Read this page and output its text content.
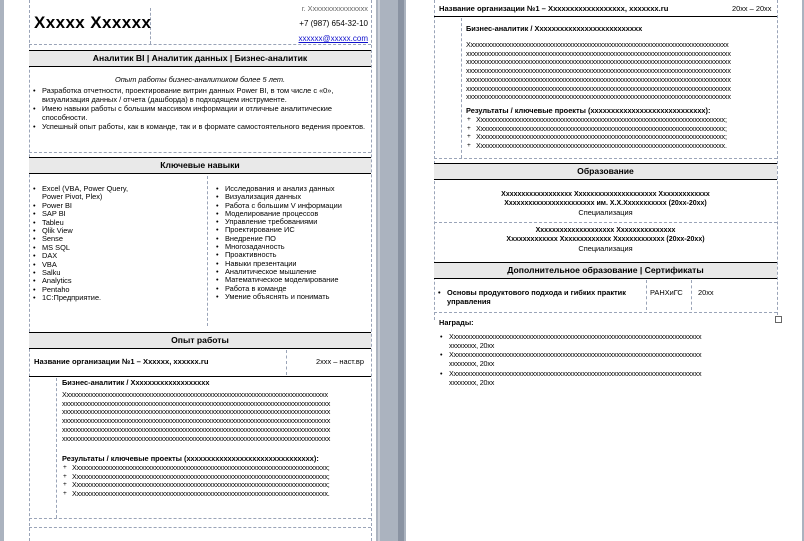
Xxxxx Xxxxxx
г. Xxxxxxxxxxxxxxxx
+7 (987) 654-32-10
xxxxxx@xxxxx.com
Аналитик BI | Аналитик данных | Бизнес-аналитик
Опыт работы бизнес-аналитиком более 5 лет.
• Разработка отчетности, проектирование витрин данных Power BI, в том числе с «0», визуализация данных / отчета (дашборда) в подходящем инструменте.
• Имею навыки работы с большим массивом информации и отличные аналитические способности.
• Успешный опыт работы, как в команде, так и в формате самостоятельного ведения проектов.
Ключевые навыки
• Excel (VBA, Power Query, Power Pivot, Plex)
• Power BI
• SAP BI
• Tableu
• Qlik View
• Sense
• MS SQL
• DAX
• VBA
• Salku
• Analytics
• Pentaho
• 1С:Предприятие.
• Исследования и анализ данных
• Визуализация данных
• Работа с большим V информации
• Моделирование процессов
• Управление требованиями
• Проектирование ИС
• Внедрение ПО
• Многозадачность
• Проактивность
• Навыки презентации
• Аналитическое мышление
• Математическое моделирование
• Работа в команде
• Умение объяснять и понимать
Опыт работы
Название организации №1 – Xxxxxx, xxxxxx.ru	2xxx – наст.вр
Бизнес-аналитик / Xxxxxxxxxxxxxxxxxxx
Xxxxxxxxxxxxxxxxxxxxxxxxxxxxxxxxxxxxxxxxxxxxxxxxxxxxxxxxxxxxxxxxxxxxxxxxxxxxxx
xxxxxxxxxxxxxxxxxxxxxxxxxxxxxxxxxxxxxxxxxxxxxxxxxxxxxxxxxxxxxxxxxxxxxxxxxxxxxxx
xxxxxxxxxxxxxxxxxxxxxxxxxxxxxxxxxxxxxxxxxxxxxxxxxxxxxxxxxxxxxxxxxxxxxxxxxxxxxxx
xxxxxxxxxxxxxxxxxxxxxxxxxxxxxxxxxxxxxxxxxxxxxxxxxxxxxxxxxxxxxxxxxxxxxxxxxxxxxxx
xxxxxxxxxxxxxxxxxxxxxxxxxxxxxxxxxxxxxxxxxxxxxxxxxxxxxxxxxxxxxxxxxxxxxxxxxxxxxxx
xxxxxxxxxxxxxxxxxxxxxxxxxxxxxxxxxxxxxxxxxxxxxxxxxxxxxxxxxxxxxxxxxxxxxxxxxxxxxxx
Результаты / ключевые проекты (xxxxxxxxxxxxxxxxxxxxxxxxxxxxxxx):
+ Xxxxxxxxxxxxxxxxxxxxxxxxxxxxxxxxxxxxxxxxxxxxxxxxxxxxxxxxxxxxxxxxxxxxxxxxxxx;
+ Xxxxxxxxxxxxxxxxxxxxxxxxxxxxxxxxxxxxxxxxxxxxxxxxxxxxxxxxxxxxxxxxxxxxxxxxxxx;
+ Xxxxxxxxxxxxxxxxxxxxxxxxxxxxxxxxxxxxxxxxxxxxxxxxxxxxxxxxxxxxxxxxxxxxxxxxxxx;
+ Xxxxxxxxxxxxxxxxxxxxxxxxxxxxxxxxxxxxxxxxxxxxxxxxxxxxxxxxxxxxxxxxxxxxxxxxxxx.
Название организации №1 – Xxxxxxxxxxxxxxxxxx, xxxxxxx.ru	20xx – 20xx
Бизнес-аналитик / Xxxxxxxxxxxxxxxxxxxxxxxxxx
Xxxxxxxxxxxxxxxxxxxxxxxxxxxxxxxxxxxxxxxxxxxxxxxxxxxxxxxxxxxxxxxxxxxxxxxxxxxxx
xxxxxxxxxxxxxxxxxxxxxxxxxxxxxxxxxxxxxxxxxxxxxxxxxxxxxxxxxxxxxxxxxxxxxxxxxxxxxx
xxxxxxxxxxxxxxxxxxxxxxxxxxxxxxxxxxxxxxxxxxxxxxxxxxxxxxxxxxxxxxxxxxxxxxxxxxxxxx
xxxxxxxxxxxxxxxxxxxxxxxxxxxxxxxxxxxxxxxxxxxxxxxxxxxxxxxxxxxxxxxxxxxxxxxxxxxxxx
xxxxxxxxxxxxxxxxxxxxxxxxxxxxxxxxxxxxxxxxxxxxxxxxxxxxxxxxxxxxxxxxxxxxxxxxxxxxxx
xxxxxxxxxxxxxxxxxxxxxxxxxxxxxxxxxxxxxxxxxxxxxxxxxxxxxxxxxxxxxxxxxxxxxxxxxxxxxx
xxxxxxxxxxxxxxxxxxxxxxxxxxxxxxxxxxxxxxxxxxxxxxxxxxxxxxxxxxxxxxxxxxxxxxxxxxxxxx
Результаты / ключевые проекты (xxxxxxxxxxxxxxxxxxxxxxxxxxxx):
+ Xxxxxxxxxxxxxxxxxxxxxxxxxxxxxxxxxxxxxxxxxxxxxxxxxxxxxxxxxxxxxxxxxxxxxxxxx;
+ Xxxxxxxxxxxxxxxxxxxxxxxxxxxxxxxxxxxxxxxxxxxxxxxxxxxxxxxxxxxxxxxxxxxxxxxxx;
+ Xxxxxxxxxxxxxxxxxxxxxxxxxxxxxxxxxxxxxxxxxxxxxxxxxxxxxxxxxxxxxxxxxxxxxxxxx;
+ Xxxxxxxxxxxxxxxxxxxxxxxxxxxxxxxxxxxxxxxxxxxxxxxxxxxxxxxxxxxxxxxxxxxxxxxxx.
Образование
Xxxxxxxxxxxxxxxxxx Xxxxxxxxxxxxxxxxxxxxx Xxxxxxxxxxxxx
Xxxxxxxxxxxxxxxxxxxxxxx им. X.X.Xxxxxxxxxxx (20xx-20xx)
Специализация
Xxxxxxxxxxxxxxxxxxxx Xxxxxxxxxxxxxxx
Xxxxxxxxxxxxx Xxxxxxxxxxxxx Xxxxxxxxxxxxx (20xx-20xx)
Специализация
Дополнительное образование | Сертификаты
• Основы продуктового подхода и гибких практик управления
РАНХиГС 20xx
Награды:
• Xxxxxxxxxxxxxxxxxxxxxxxxxxxxxxxxxxxxxxxxxxxxxxxxxxxxxxxxxxxxxxxxxxxxxxxxxx
xxxxxxxx, 20xx
• Xxxxxxxxxxxxxxxxxxxxxxxxxxxxxxxxxxxxxxxxxxxxxxxxxxxxxxxxxxxxxxxxxxxxxxxxxx
xxxxxxxx, 20xx
• Xxxxxxxxxxxxxxxxxxxxxxxxxxxxxxxxxxxxxxxxxxxxxxxxxxxxxxxxxxxxxxxxxxxxxxxxxx
xxxxxxxx, 20xx
